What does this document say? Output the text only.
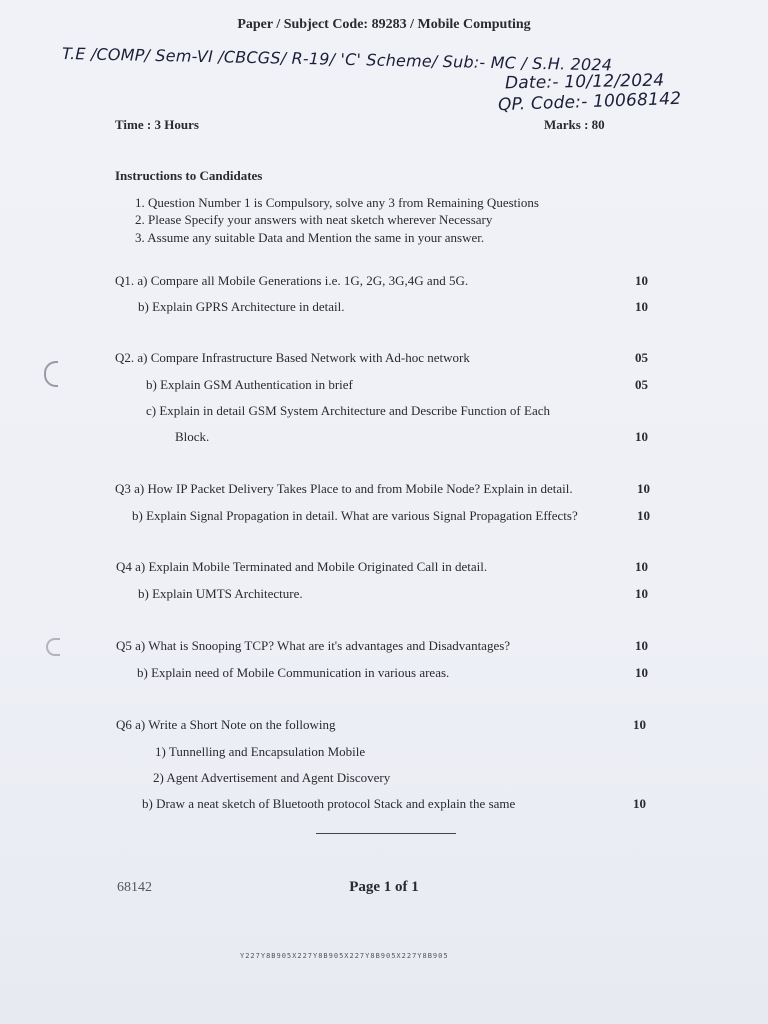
Paper / Subject Code: 89283 / Mobile Computing
T.E /COMP/ Sem-VI /CBCGS/ R-19/ 'C' Scheme/ Sub:- MC / S.H. 2024
Date:- 10/12/2024
QP. Code:- 10068142
Time : 3 Hours	Marks : 80
Instructions to Candidates
1. Question Number 1 is Compulsory, solve any 3 from Remaining Questions
2. Please Specify your answers with neat sketch wherever Necessary
3. Assume any suitable Data and Mention the same in your answer.
Q1. a) Compare all Mobile Generations i.e. 1G, 2G, 3G,4G and 5G.	10
b) Explain GPRS Architecture in detail.	10
Q2. a) Compare Infrastructure Based Network with Ad-hoc network	05
b) Explain GSM Authentication in brief	05
c) Explain in detail GSM System Architecture and Describe Function of Each
Block.	10
Q3 a) How IP Packet Delivery Takes Place to and from Mobile Node? Explain in detail.	10
b) Explain Signal Propagation in detail. What are various Signal Propagation Effects?	10
Q4 a) Explain Mobile Terminated and Mobile Originated Call in detail.	10
b) Explain UMTS Architecture.	10
Q5 a) What is Snooping TCP? What are it's advantages and Disadvantages?	10
b) Explain need of Mobile Communication in various areas.	10
Q6 a) Write a Short Note on the following	10
1) Tunnelling and Encapsulation Mobile
2) Agent Advertisement and Agent Discovery
b) Draw a neat sketch of Bluetooth protocol Stack and explain the same	10
68142	Page 1 of 1
Y227Y8B905X227Y8B905X227Y8B905X227Y8B905
